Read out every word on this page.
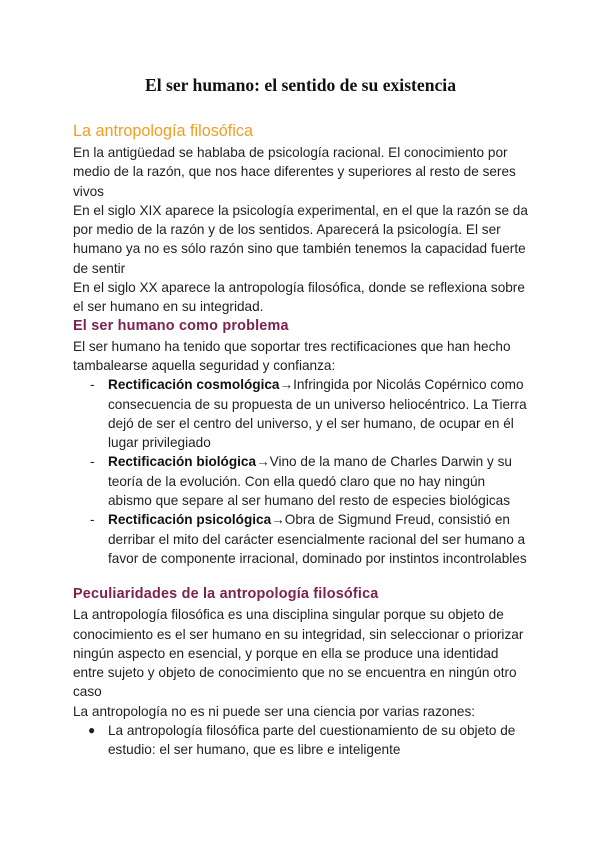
El ser humano: el sentido de su existencia
La antropología filosófica

En la antigüedad se hablaba de psicología racional. El conocimiento por medio de la razón, que nos hace diferentes y superiores al resto de seres vivos

En el siglo XIX aparece la psicología experimental, en el que la razón se da por medio de la razón y de los sentidos. Aparecerá la psicología. El ser humano ya no es sólo razón sino que también tenemos la capacidad fuerte de sentir

En el siglo XX aparece la antropología filosófica, donde se reflexiona sobre el ser humano en su integridad.

El ser humano como problema

El ser humano ha tenido que soportar tres rectificaciones que han hecho tambalearse aquella seguridad y confianza:

- Rectificación cosmológica→Infringida por Nicolás Copérnico como consecuencia de su propuesta de un universo heliocéntrico. La Tierra dejó de ser el centro del universo, y el ser humano, de ocupar en él lugar privilegiado
- Rectificación biológica→Vino de la mano de Charles Darwin y su teoría de la evolución. Con ella quedó claro que no hay ningún abismo que separe al ser humano del resto de especies biológicas
- Rectificación psicológica→Obra de Sigmund Freud, consistió en derribar el mito del carácter esencialmente racional del ser humano a favor de componente irracional, dominado por instintos incontrolables
Peculiaridades de la antropología filosófica

La antropología filosófica es una disciplina singular porque su objeto de conocimiento es el ser humano en su integridad, sin seleccionar o priorizar ningún aspecto en esencial, y porque en ella se produce una identidad entre sujeto y objeto de conocimiento que no se encuentra en ningún otro caso

La antropología no es ni puede ser una ciencia por varias razones:

● La antropología filosófica parte del cuestionamiento de su objeto de estudio: el ser humano, que es libre e inteligente
